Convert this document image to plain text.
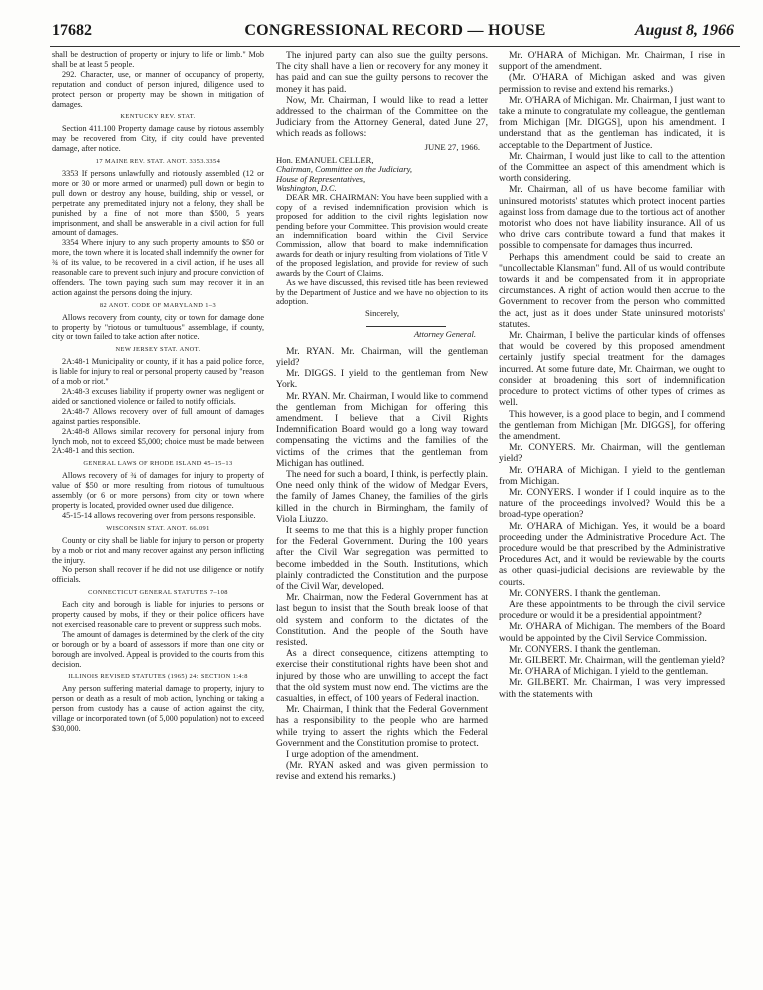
17682	CONGRESSIONAL RECORD — HOUSE	August 8, 1966

shall be destruction of property or injury to life or limb." Mob shall be at least 5 people.

292. Character, use, or manner of occupancy of property, reputation and conduct of person injured, diligence used to protect person or property may be shown in mitigation of damages.

KENTUCKY REV. STAT.

Section 411.100 Property damage cause by riotous assembly may be recovered from City, if city could have prevented damage, after notice.

17 MAINE REV. STAT. ANOT. 3353.3354

3353 If persons unlawfully and riotously assembled (12 or more or 30 or more armed or unarmed) pull down or begin to pull down or destroy any house, building, ship or vessel, or perpetrate any premeditated injury not a felony, they shall be punished by a fine of not more than $500, 5 years imprisonment, and shall be answerable in a civil action for full amount of damages.

3354 Where injury to any such property amounts to $50 or more, the town where it is located shall indemnify the owner for ¾ of its value, to be recovered in a civil action, if he uses all reasonable care to prevent such injury and procure conviction of offenders. The town paying such sum may recover it in an action against the persons doing the injury.

82 ANOT. CODE OF MARYLAND 1–3

Allows recovery from county, city or town for damage done to property by "riotous or tumultuous" assemblage, if county, city or town failed to take action after notice.

NEW JERSEY STAT. ANOT.

2A:48-1 Municipality or county, if it has a paid police force, is liable for injury to real or personal property caused by "reason of a mob or riot."

2A:48-3 excuses liability if property owner was negligent or aided or sanctioned violence or failed to notify officials.

2A:48-7 Allows recovery over of full amount of damages against parties responsible.

2A:48-8 Allows similar recovery for personal injury from lynch mob, not to exceed $5,000; choice must be made between 2A:48-1 and this section.

GENERAL LAWS OF RHODE ISLAND 45–15–13

Allows recovery of ¾ of damages for injury to property of value of $50 or more resulting from riotous of tumultuous assembly (or 6 or more persons) from city or town where property is located, provided owner used due diligence.

45-15-14 allows recovering over from persons responsible.

WISCONSIN STAT. ANOT. 66.091

County or city shall be liable for injury to person or property by a mob or riot and many recover against any person inflicting the injury.

No person shall recover if he did not use diligence or notify officials.

CONNECTICUT GENERAL STATUTES 7–108

Each city and borough is liable for injuries to persons or property caused by mobs, if they or their police officers have not exercised reasonable care to prevent or suppress such mobs.

The amount of damages is determined by the clerk of the city or borough or by a board of assessors if more than one city or borough are involved. Appeal is provided to the courts from this decision.

ILLINOIS REVISED STATUTES (1965) 24: SECTION 1:4:8

Any person suffering material damage to property, injury to person or death as a result of mob action, lynching or taking a person from custody has a cause of action against the city, village or incorporated town (of 5,000 population) not to exceed $30,000.

The injured party can also sue the guilty persons. The city shall have a lien or recovery for any money it has paid and can sue the guilty persons to recover the money it has paid.

Now, Mr. Chairman, I would like to read a letter addressed to the chairman of the Committee on the Judiciary from the Attorney General, dated June 27, which reads as follows:

JUNE 27, 1966.
Hon. EMANUEL CELLER,
Chairman, Committee on the Judiciary,
House of Representatives,
Washington, D.C.

DEAR MR. CHAIRMAN: You have been supplied with a copy of a revised indemnification provision which is proposed for addition to the civil rights legislation now pending before your Committee. This provision would create an indemnification board within the Civil Service Commission, allow that board to make indemnification awards for death or injury resulting from violations of Title V of the proposed legislation, and provide for review of such awards by the Court of Claims.

As we have discussed, this revised title has been reviewed by the Department of Justice and we have no objection to its adoption.

Sincerely,
Attorney General.

Mr. RYAN. Mr. Chairman, will the gentleman yield?

Mr. DIGGS. I yield to the gentleman from New York.

Mr. RYAN. Mr. Chairman, I would like to commend the gentleman from Michigan for offering this amendment. I believe that a Civil Rights Indemnification Board would go a long way toward compensating the victims and the families of the victims of the crimes that the gentleman from Michigan has outlined.

The need for such a board, I think, is perfectly plain. One need only think of the widow of Medgar Evers, the family of James Chaney, the families of the girls killed in the church in Birmingham, the family of Viola Liuzzo.

It seems to me that this is a highly proper function for the Federal Government. During the 100 years after the Civil War segregation was permitted to become imbedded in the South. Institutions, which plainly contradicted the Constitution and the purpose of the Civil War, developed.

Mr. Chairman, now the Federal Government has at last begun to insist that the South break loose of that old system and conform to the dictates of the Constitution. And the people of the South have resisted.

As a direct consequence, citizens attempting to exercise their constitutional rights have been shot and injured by those who are unwilling to accept the fact that the old system must now end. The victims are the casualties, in effect, of 100 years of Federal inaction.

Mr. Chairman, I think that the Federal Government has a responsibility to the people who are harmed while trying to assert the rights which the Federal Government and the Constitution promise to protect.

I urge adoption of the amendment.

(Mr. RYAN asked and was given permission to revise and extend his remarks.)

Mr. O'HARA of Michigan. Mr. Chairman, I rise in support of the amendment.

(Mr. O'HARA of Michigan asked and was given permission to revise and extend his remarks.)

Mr. O'HARA of Michigan. Mr. Chairman, I just want to take a minute to congratulate my colleague, the gentleman from Michigan [Mr. DIGGS], upon his amendment. I understand that as the gentleman has indicated, it is acceptable to the Department of Justice.

Mr. Chairman, I would just like to call to the attention of the Committee an aspect of this amendment which is worth considering.

Mr. Chairman, all of us have become familiar with uninsured motorists' statutes which protect inocent parties against loss from damage due to the tortious act of another motorist who does not have liability insurance. All of us who drive cars contribute toward a fund that makes it possible to compensate for damages thus incurred.

Perhaps this amendment could be said to create an "uncollectable Klansman" fund. All of us would contribute towards it and be compensated from it in appropriate circumstances. A right of action would then accrue to the Government to recover from the person who committed the act, just as it does under State uninsured motorists' statutes.

Mr. Chairman, I belive the particular kinds of offenses that would be covered by this proposed amendment certainly justify special treatment for the damages incurred. At some future date, Mr. Chairman, we ought to consider at broadening this sort of indemnification procedure to protect victims of other types of crimes as well.

This however, is a good place to begin, and I commend the gentleman from Michigan [Mr. DIGGS], for offering the amendment.

Mr. CONYERS. Mr. Chairman, will the gentleman yield?

Mr. O'HARA of Michigan. I yield to the gentleman from Michigan.

Mr. CONYERS. I wonder if I could inquire as to the nature of the proceedings involved? Would this be a broad-type operation?

Mr. O'HARA of Michigan. Yes, it would be a board proceeding under the Administrative Procedure Act. The procedure would be that prescribed by the Administrative Procedures Act, and it would be reviewable by the courts as other quasi-judicial decisions are reviewable by the courts.

Mr. CONYERS. I thank the gentleman.

Are these appointments to be through the civil service procedure or would it be a presidential appointment?

Mr. O'HARA of Michigan. The members of the Board would be appointed by the Civil Service Commission.

Mr. CONYERS. I thank the gentleman.

Mr. GILBERT. Mr. Chairman, will the gentleman yield?

Mr. O'HARA of Michigan. I yield to the gentleman.

Mr. GILBERT. Mr. Chairman, I was very impressed with the statements with
